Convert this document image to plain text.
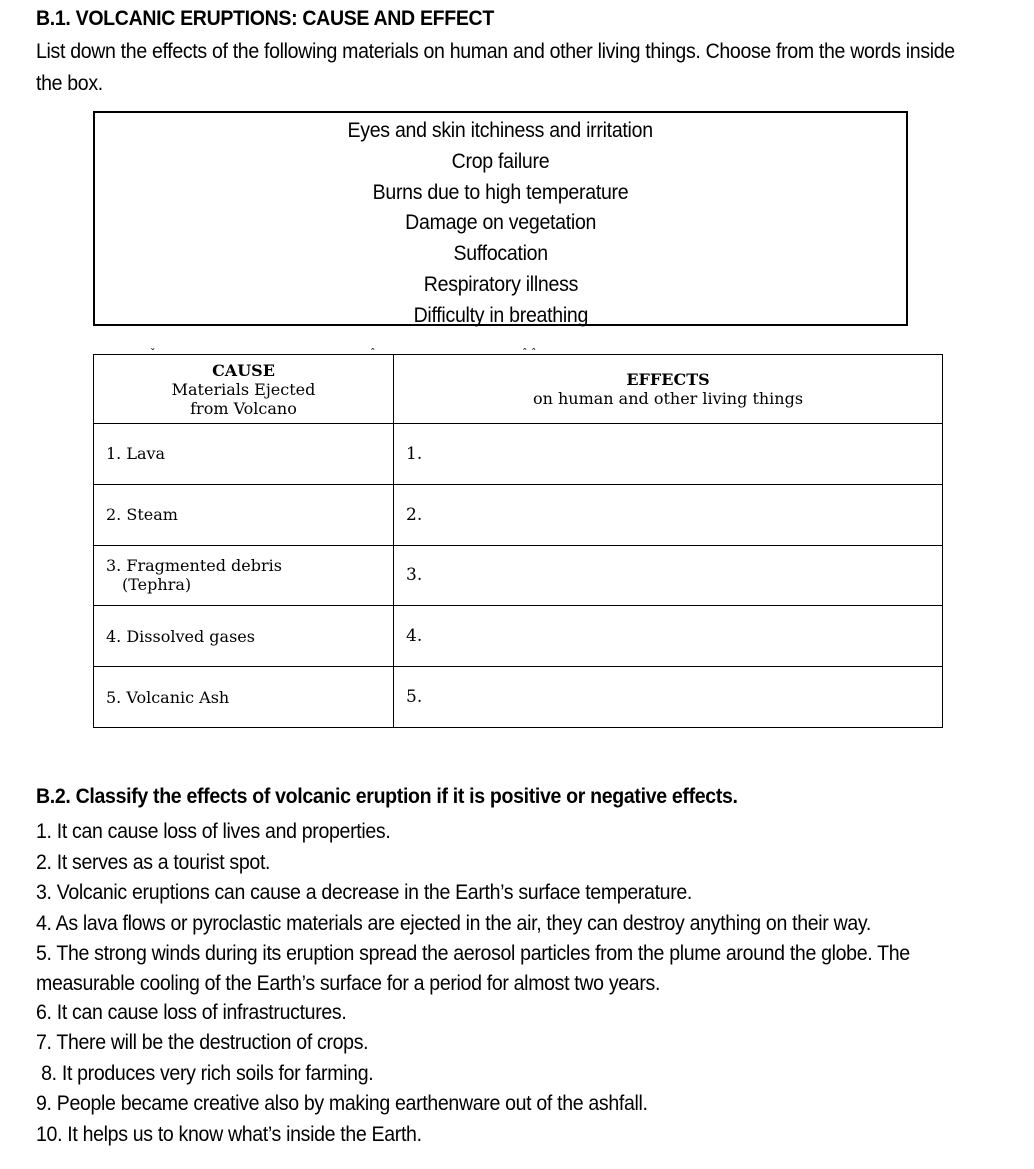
B.1. VOLCANIC ERUPTIONS: CAUSE AND EFFECT
List down the effects of the following materials on human and other living things. Choose from the words inside
the box.
Eyes and skin itchiness and irritation
Crop failure
Burns due to high temperature
Damage on vegetation
Suffocation
Respiratory illness
Difficulty in breathing
ˇ	ˆ	ˆ ˆ
CAUSE
Materials Ejected
from Volcano	EFFECTS
on human and other living things
1. Lava	1.
2. Steam	2.
3. Fragmented debris
(Tephra)	3.
4. Dissolved gases	4.
5. Volcanic Ash	5.
B.2. Classify the effects of volcanic eruption if it is positive or negative effects.
1. It can cause loss of lives and properties.
2. It serves as a tourist spot.
3. Volcanic eruptions can cause a decrease in the Earth’s surface temperature.
4. As lava flows or pyroclastic materials are ejected in the air, they can destroy anything on their way.
5. The strong winds during its eruption spread the aerosol particles from the plume around the globe. The
measurable cooling of the Earth’s surface for a period for almost two years.
6. It can cause loss of infrastructures.
7. There will be the destruction of crops.
8. It produces very rich soils for farming.
9. People became creative also by making earthenware out of the ashfall.
10. It helps us to know what’s inside the Earth.
